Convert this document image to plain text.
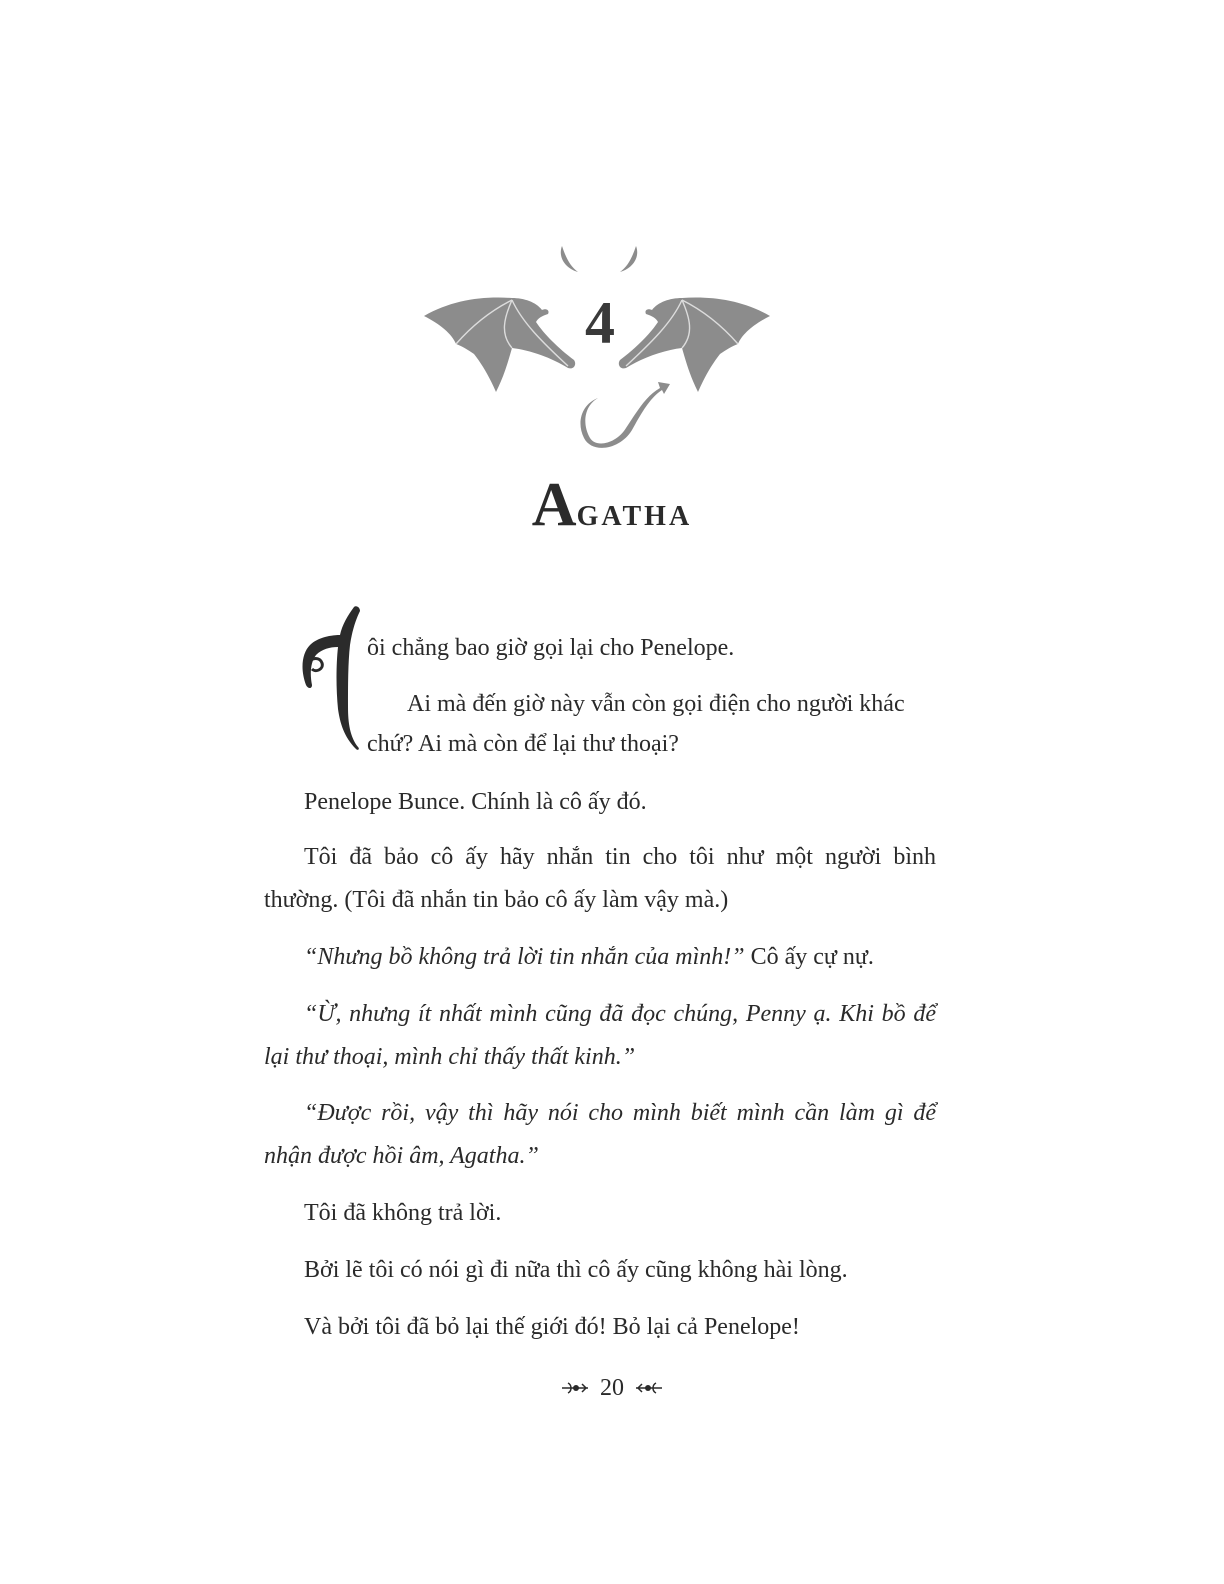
4
Agatha

ôi chẳng bao giờ gọi lại cho Penelope.

Ai mà đến giờ này vẫn còn gọi điện cho người khác

chứ? Ai mà còn để lại thư thoại?

Penelope Bunce. Chính là cô ấy đó.

Tôi đã bảo cô ấy hãy nhắn tin cho tôi như một người bình thường. (Tôi đã nhắn tin bảo cô ấy làm vậy mà.)

“Nhưng bồ không trả lời tin nhắn của mình!” Cô ấy cự nự.

“Ừ, nhưng ít nhất mình cũng đã đọc chúng, Penny ạ. Khi bồ để lại thư thoại, mình chỉ thấy thất kinh.”

“Được rồi, vậy thì hãy nói cho mình biết mình cần làm gì để nhận được hồi âm, Agatha.”

Tôi đã không trả lời.

Bởi lẽ tôi có nói gì đi nữa thì cô ấy cũng không hài lòng.

Và bởi tôi đã bỏ lại thế giới đó! Bỏ lại cả Penelope!

20
